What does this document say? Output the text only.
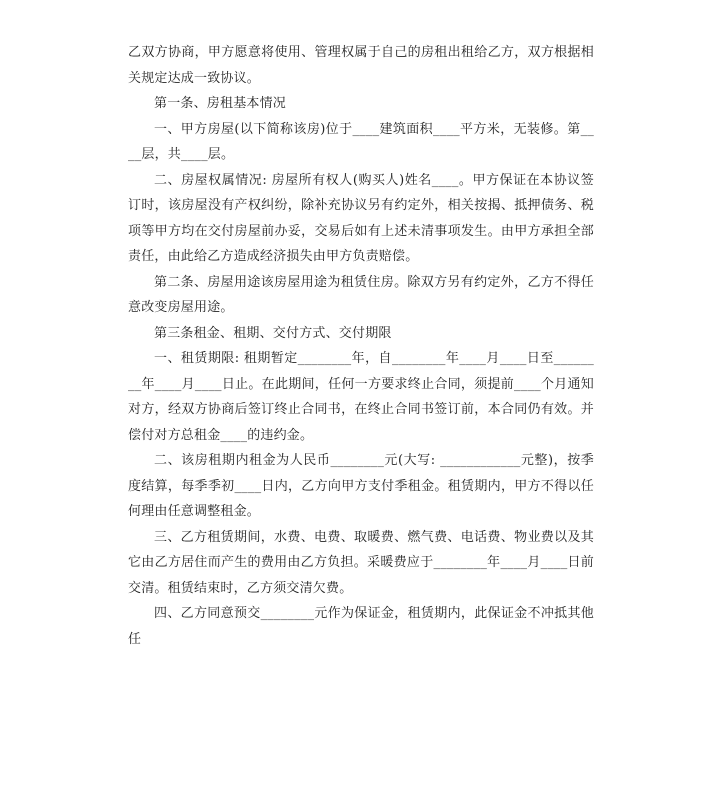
乙双方协商，甲方愿意将使用、管理权属于自己的房租出租给乙方，双方根据相关规定达成一致协议。

第一条、房租基本情况

一、甲方房屋(以下简称该房)位于____建筑面积____平方米，无装修。第____层，共____层。

二、房屋权属情况: 房屋所有权人(购买人)姓名____。甲方保证在本协议签订时，该房屋没有产权纠纷，除补充协议另有约定外，相关按揭、抵押债务、税项等甲方均在交付房屋前办妥，交易后如有上述未清事项发生。由甲方承担全部责任，由此给乙方造成经济损失由甲方负责赔偿。

第二条、房屋用途该房屋用途为租赁住房。除双方另有约定外，乙方不得任意改变房屋用途。

第三条租金、租期、交付方式、交付期限

一、租赁期限: 租期暂定________年，自________年____月____日至________年____月____日止。在此期间，任何一方要求终止合同，须提前____个月通知对方，经双方协商后签订终止合同书，在终止合同书签订前，本合同仍有效。并偿付对方总租金____的违约金。

二、该房租期内租金为人民币________元(大写: ____________元整)，按季度结算，每季季初____日内，乙方向甲方支付季租金。租赁期内，甲方不得以任何理由任意调整租金。

三、乙方租赁期间，水费、电费、取暖费、燃气费、电话费、物业费以及其它由乙方居住而产生的费用由乙方负担。采暖费应于________年____月____日前交清。租赁结束时，乙方须交清欠费。

四、乙方同意预交________元作为保证金，租赁期内，此保证金不冲抵其他任
